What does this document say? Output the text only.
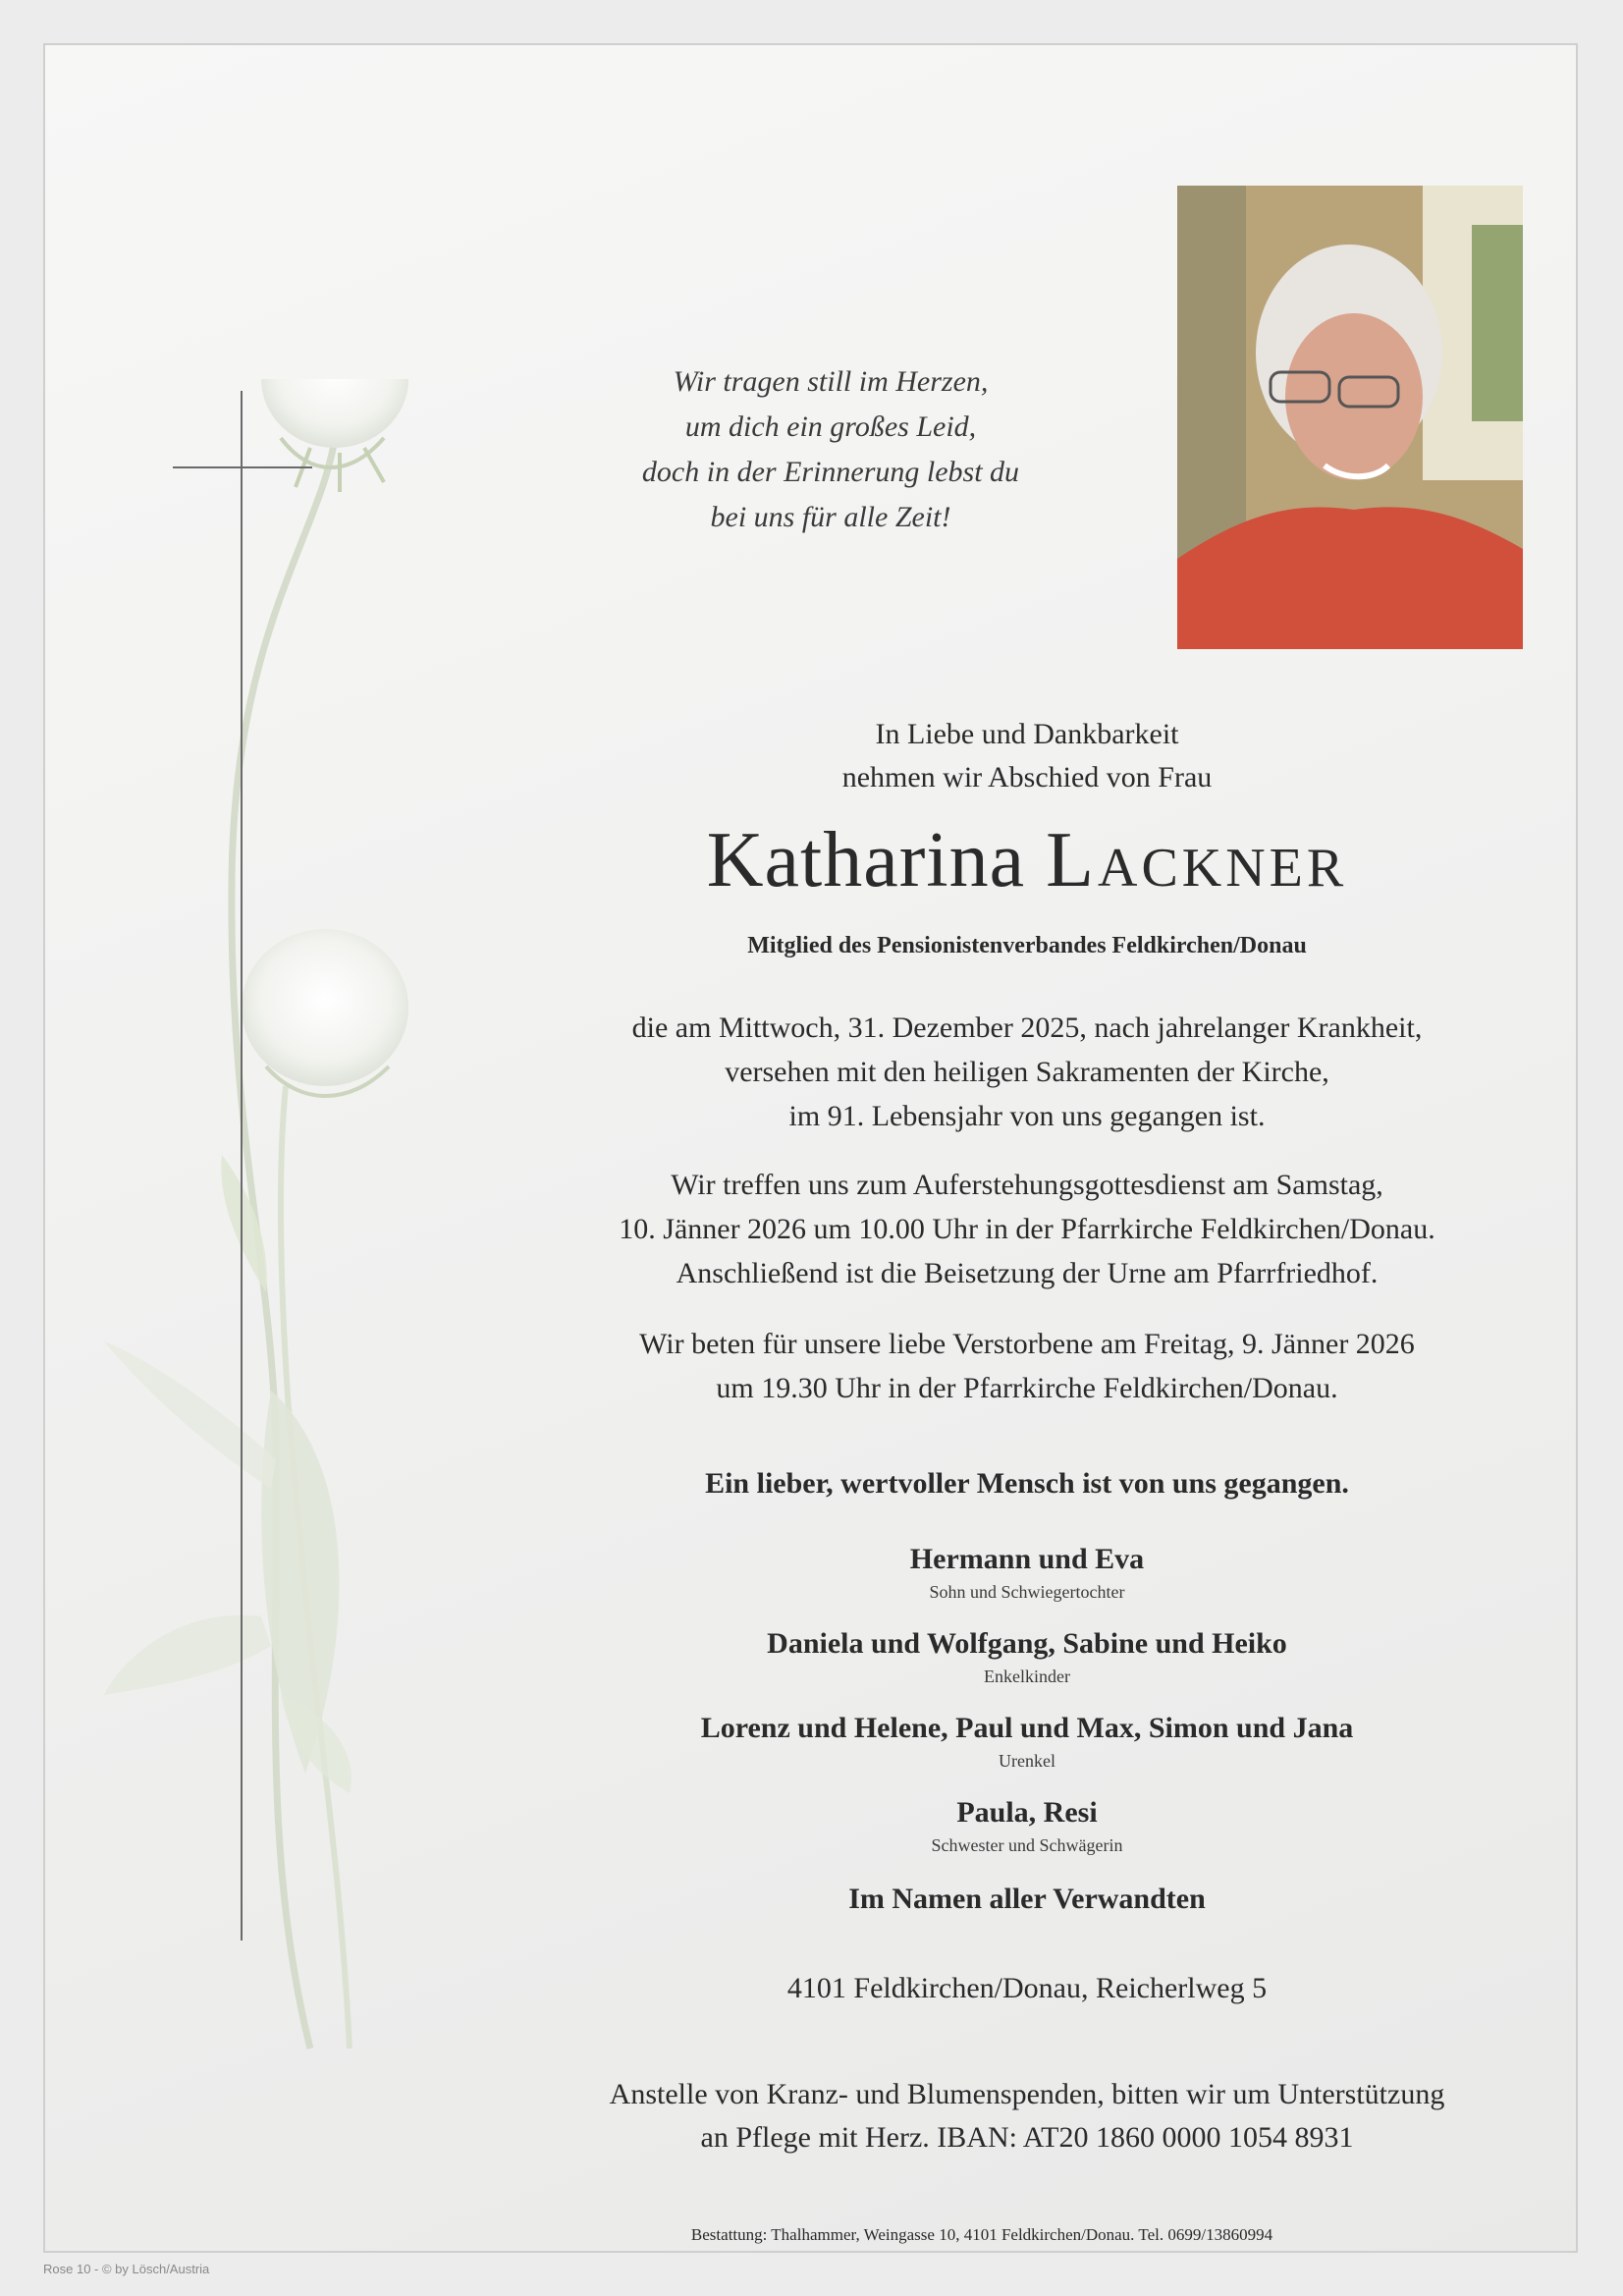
Wir tragen still im Herzen,
um dich ein großes Leid,
doch in der Erinnerung lebst du
bei uns für alle Zeit!
In Liebe und Dankbarkeit
nehmen wir Abschied von Frau
Katharina Lackner
Mitglied des Pensionistenverbandes Feldkirchen/Donau
die am Mittwoch, 31. Dezember 2025, nach jahrelanger Krankheit,
versehen mit den heiligen Sakramenten der Kirche,
im 91. Lebensjahr von uns gegangen ist.
Wir treffen uns zum Auferstehungsgottesdienst am Samstag,
10. Jänner 2026 um 10.00 Uhr in der Pfarrkirche Feldkirchen/Donau.
Anschließend ist die Beisetzung der Urne am Pfarrfriedhof.
Wir beten für unsere liebe Verstorbene am Freitag, 9. Jänner 2026
um 19.30 Uhr in der Pfarrkirche Feldkirchen/Donau.
Ein lieber, wertvoller Mensch ist von uns gegangen.
Hermann und Eva
Sohn und Schwiegertochter
Daniela und Wolfgang, Sabine und Heiko
Enkelkinder
Lorenz und Helene, Paul und Max, Simon und Jana
Urenkel
Paula, Resi
Schwester und Schwägerin
Im Namen aller Verwandten
4101 Feldkirchen/Donau, Reicherlweg 5
Anstelle von Kranz- und Blumenspenden, bitten wir um Unterstützung
an Pflege mit Herz. IBAN: AT20 1860 0000 1054 8931
Bestattung: Thalhammer, Weingasse 10, 4101 Feldkirchen/Donau. Tel. 0699/13860994
Rose 10 - © by Lösch/Austria
